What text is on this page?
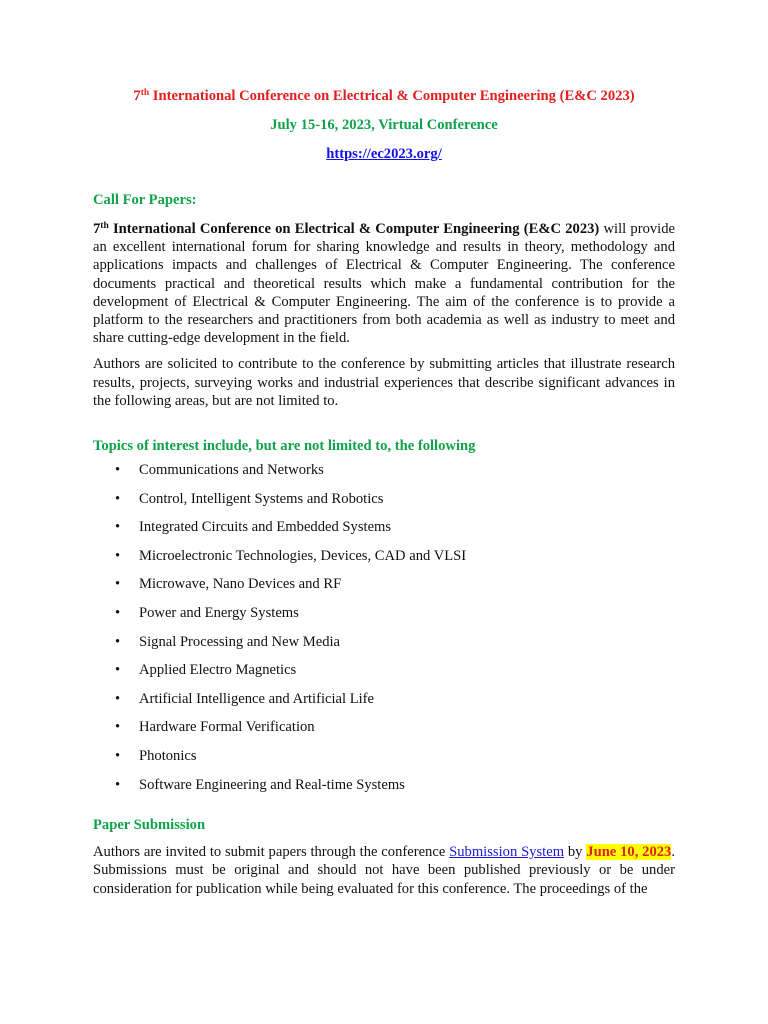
7th International Conference on Electrical & Computer Engineering (E&C 2023)

July 15-16, 2023, Virtual Conference

https://ec2023.org/

Call For Papers:

7th International Conference on Electrical & Computer Engineering (E&C 2023) will provide an excellent international forum for sharing knowledge and results in theory, methodology and applications impacts and challenges of Electrical & Computer Engineering. The conference documents practical and theoretical results which make a fundamental contribution for the development of Electrical & Computer Engineering. The aim of the conference is to provide a platform to the researchers and practitioners from both academia as well as industry to meet and share cutting-edge development in the field.

Authors are solicited to contribute to the conference by submitting articles that illustrate research results, projects, surveying works and industrial experiences that describe significant advances in the following areas, but are not limited to.

Topics of interest include, but are not limited to, the following

• Communications and Networks
• Control, Intelligent Systems and Robotics
• Integrated Circuits and Embedded Systems
• Microelectronic Technologies, Devices, CAD and VLSI
• Microwave, Nano Devices and RF
• Power and Energy Systems
• Signal Processing and New Media
• Applied Electro Magnetics
• Artificial Intelligence and Artificial Life
• Hardware Formal Verification
• Photonics
• Software Engineering and Real-time Systems

Paper Submission

Authors are invited to submit papers through the conference Submission System by June 10, 2023. Submissions must be original and should not have been published previously or be under consideration for publication while being evaluated for this conference. The proceedings of the
